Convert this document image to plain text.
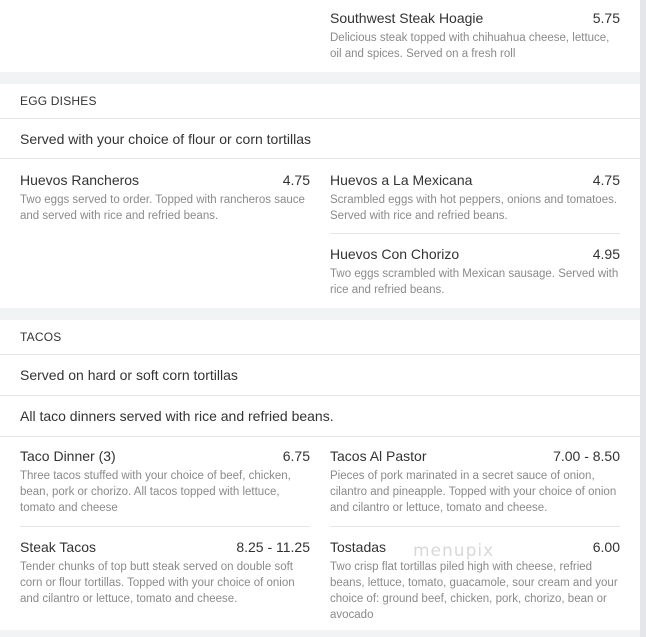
Southwest Steak Hoagie	5.75
Delicious steak topped with chihuahua cheese, lettuce, oil and spices. Served on a fresh roll
EGG DISHES
Served with your choice of flour or corn tortillas
Huevos Rancheros	4.75
Two eggs served to order. Topped with rancheros sauce and served with rice and refried beans.
Huevos a La Mexicana	4.75
Scrambled eggs with hot peppers, onions and tomatoes. Served with rice and refried beans.
Huevos Con Chorizo	4.95
Two eggs scrambled with Mexican sausage. Served with rice and refried beans.
TACOS
Served on hard or soft corn tortillas
All taco dinners served with rice and refried beans.
Taco Dinner (3)	6.75
Three tacos stuffed with your choice of beef, chicken, bean, pork or chorizo. All tacos topped with lettuce, tomato and cheese
Tacos Al Pastor	7.00 - 8.50
Pieces of pork marinated in a secret sauce of onion, cilantro and pineapple. Topped with your choice of onion and cilantro or lettuce, tomato and cheese.
Steak Tacos	8.25 - 11.25
Tender chunks of top butt steak served on double soft corn or flour tortillas. Topped with your choice of onion and cilantro or lettuce, tomato and cheese.
Tostadas	6.00
Two crisp flat tortillas piled high with cheese, refried beans, lettuce, tomato, guacamole, sour cream and your choice of: ground beef, chicken, pork, chorizo, bean or avocado
menupix
